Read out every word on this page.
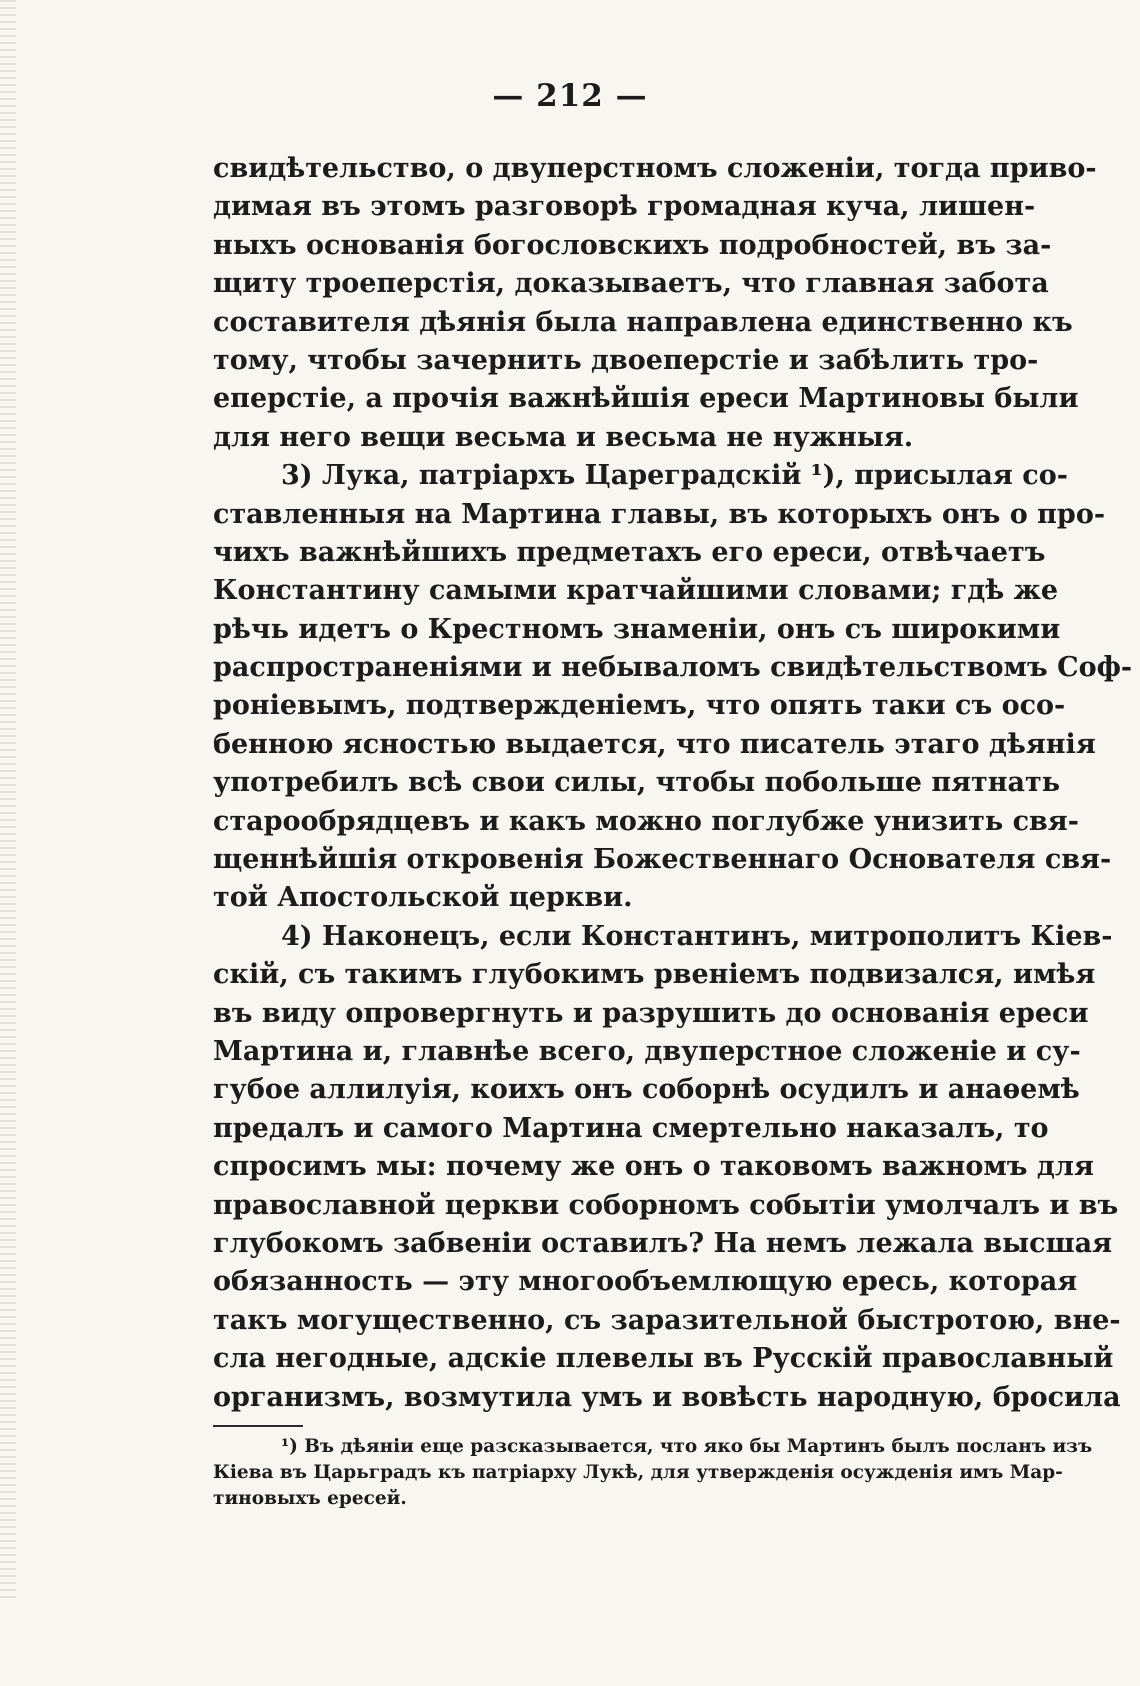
— 212 —
свидѣтельство, о двуперстномъ сложеніи, тогда приво-
димая въ этомъ разговорѣ громадная куча, лишен-
ныхъ основанія богословскихъ подробностей, въ за-
щиту троеперстія, доказываетъ, что главная забота
составителя дѣянія была направлена единственно къ
тому, чтобы зачернить двоеперстіе и забѣлить тро-
еперстіе, а прочія важнѣйшія ереси Мартиновы были
для него вещи весьма и весьма не нужныя.
3) Лука, патріархъ Цареградскій ¹), присылая со-
ставленныя на Мартина главы, въ которыхъ онъ о про-
чихъ важнѣйшихъ предметахъ его ереси, отвѣчаетъ
Константину самыми кратчайшими словами; гдѣ же
рѣчь идетъ о Крестномъ знаменіи, онъ съ широкими
распространеніями и небываломъ свидѣтельствомъ Соф-
роніевымъ, подтвержденіемъ, что опять таки съ осо-
бенною ясностью выдается, что писатель этаго дѣянія
употребилъ всѣ свои силы, чтобы побольше пятнать
старообрядцевъ и какъ можно поглубже унизить свя-
щеннѣйшія откровенія Божественнаго Основателя свя-
той Апостольской церкви.
4) Наконецъ, если Константинъ, митрополитъ Кіев-
скій, съ такимъ глубокимъ рвеніемъ подвизался, имѣя
въ виду опровергнуть и разрушить до основанія ереси
Мартина и, главнѣе всего, двуперстное сложеніе и су-
губое аллилуія, коихъ онъ соборнѣ осудилъ и анаѳемѣ
предалъ и самого Мартина смертельно наказалъ, то
спросимъ мы: почему же онъ о таковомъ важномъ для
православной церкви соборномъ событіи умолчалъ и въ
глубокомъ забвеніи оставилъ? На немъ лежала высшая
обязанность — эту многообъемлющую ересь, которая
такъ могущественно, съ заразительной быстротою, вне-
сла негодные, адскіе плевелы въ Русскій православный
организмъ, возмутила умъ и вовѣсть народную, бросила
¹) Въ дѣяніи еще разсказывается, что яко бы Мартинъ былъ посланъ изъ
Кіева въ Царьградъ къ патріарху Лукѣ, для утвержденія осужденія имъ Мар-
тиновыхъ ересей.
